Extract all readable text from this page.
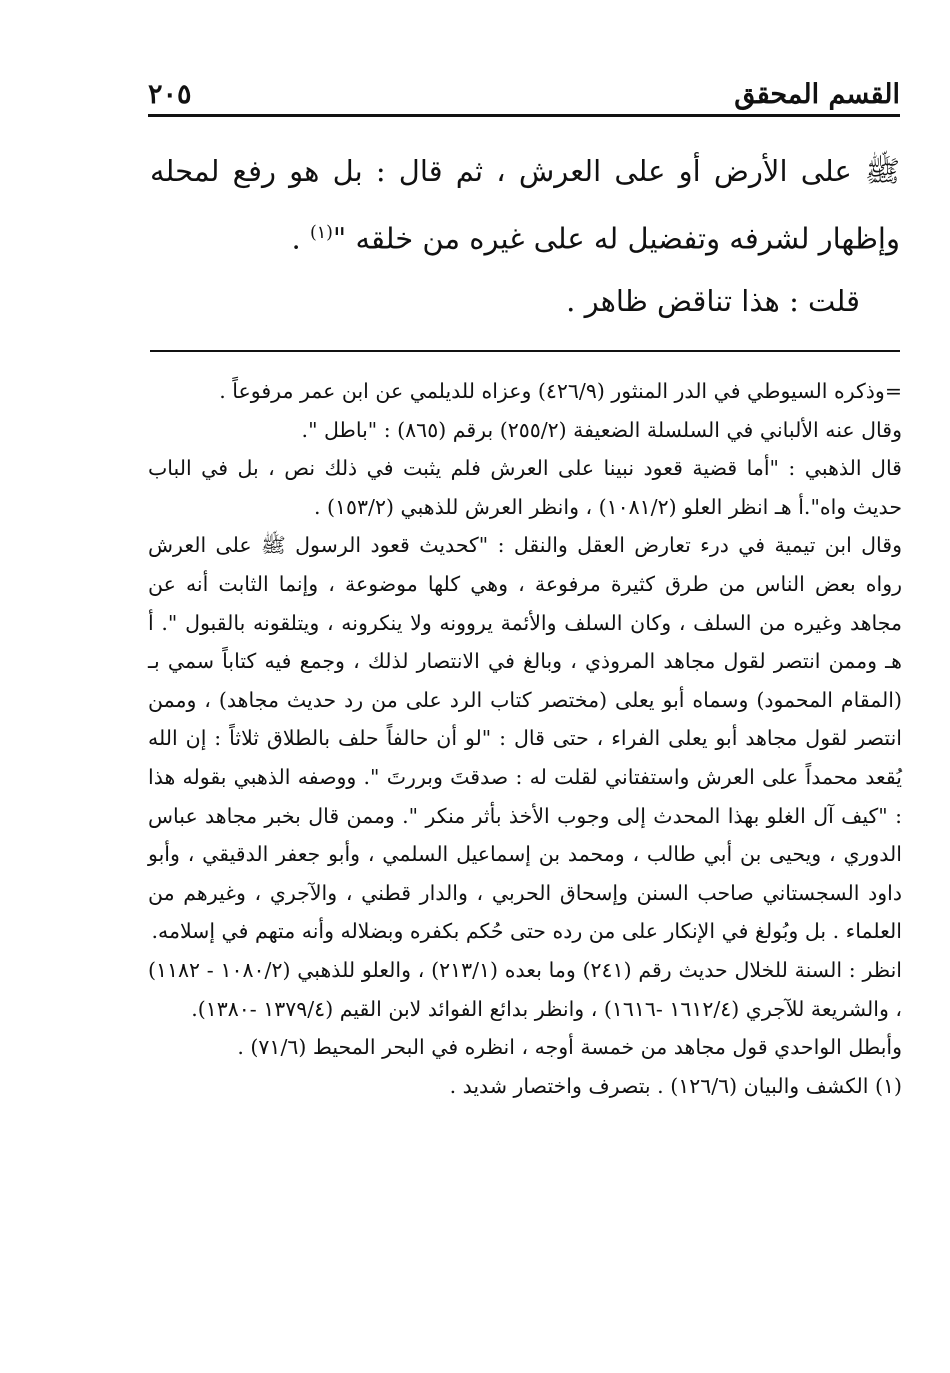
القسم المحقق
٢٠٥

ﷺ على الأرض أو على العرش ، ثم قال : بل هو رفع لمحله وإظهار لشرفه وتفضيل له على غيره من خلقه "$^{(١)}$ .

قلت : هذا تناقض ظاهر .

=وذكره السيوطي في الدر المنثور (٤٢٦/٩) وعزاه للديلمي عن ابن عمر مرفوعاً .

وقال عنه الألباني في السلسلة الضعيفة (٢٥٥/٢) برقم (٨٦٥) : "باطل ".

قال الذهبي : "أما قضية قعود نبينا على العرش فلم يثبت في ذلك نص ، بل في الباب حديث واه".أ هـ انظر العلو (١٠٨١/٢) ، وانظر العرش للذهبي (١٥٣/٢) .

وقال ابن تيمية في درء تعارض العقل والنقل : "كحديث قعود الرسول ﷺ على العرش رواه بعض الناس من طرق كثيرة مرفوعة ، وهي كلها موضوعة ، وإنما الثابت أنه عن مجاهد وغيره من السلف ، وكان السلف والأئمة يروونه ولا ينكرونه ، ويتلقونه بالقبول ". أ هـ وممن انتصر لقول مجاهد المروذي ، وبالغ في الانتصار لذلك ، وجمع فيه كتاباً سمي بـ (المقام المحمود) وسماه أبو يعلى (مختصر كتاب الرد على من رد حديث مجاهد) ، وممن انتصر لقول مجاهد أبو يعلى الفراء ، حتى قال : "لو أن حالفاً حلف بالطلاق ثلاثاً : إن الله يُقعد محمداً على العرش واستفتاني لقلت له : صدقتَ وبررتَ ". ووصفه الذهبي بقوله هذا : "كيف آل الغلو بهذا المحدث إلى وجوب الأخذ بأثر منكر ". وممن قال بخبر مجاهد عباس الدوري ، ويحيى بن أبي طالب ، ومحمد بن إسماعيل السلمي ، وأبو جعفر الدقيقي ، وأبو داود السجستاني صاحب السنن وإسحاق الحربي ، والدار قطني ، والآجري ، وغيرهم من العلماء . بل وبُولغ في الإنكار على من رده حتى حُكم بكفره وبضلاله وأنه متهم في إسلامه.

انظر : السنة للخلال حديث رقم (٢٤١) وما بعده (٢١٣/١) ، والعلو للذهبي (١٠٨٠/٢ - ١١٨٢) ، والشريعة للآجري (١٦١٢/٤ -١٦١٦) ، وانظر بدائع الفوائد لابن القيم (١٣٧٩/٤ -١٣٨٠).

وأبطل الواحدي قول مجاهد من خمسة أوجه ، انظره في البحر المحيط (٧١/٦) .

(١) الكشف والبيان (١٢٦/٦) . بتصرف واختصار شديد .
